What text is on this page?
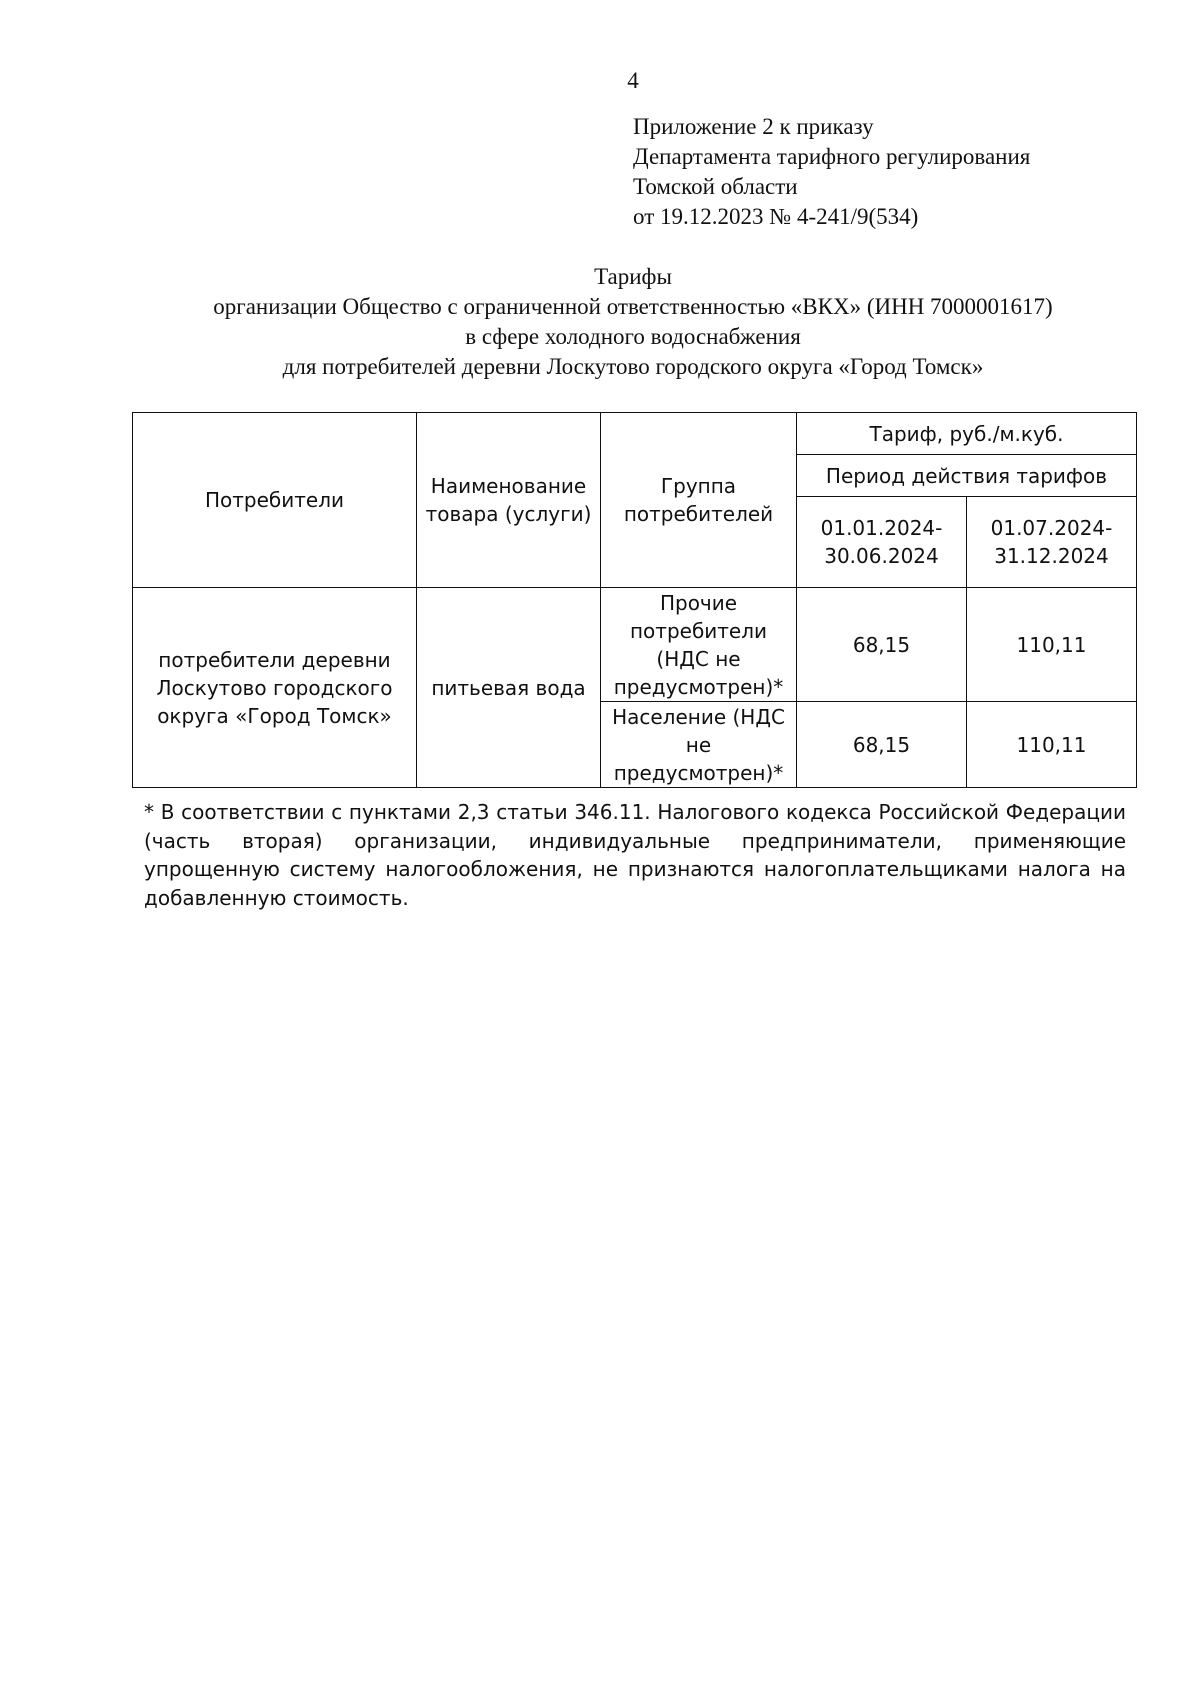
4
Приложение 2 к приказу
Департамента тарифного регулирования
Томской области
от 19.12.2023 № 4-241/9(534)
Тарифы
организации Общество с ограниченной ответственностью «ВКХ» (ИНН 7000001617)
в сфере холодного водоснабжения
для потребителей деревни Лоскутово городского округа «Город Томск»
Потребители	Наименование товара (услуги)	Группа потребителей	Тариф, руб./м.куб.	
			Период действия тарифов	
			01.01.2024-30.06.2024	01.07.2024-31.12.2024
потребители деревни Лоскутово городского округа «Город Томск»	питьевая вода	Прочие потребители (НДС не предусмотрен)*	68,15	110,11
		Население (НДС не предусмотрен)*	68,15	110,11
* В соответствии с пунктами 2,3 статьи 346.11. Налогового кодекса Российской Федерации (часть вторая) организации, индивидуальные предприниматели, применяющие упрощенную систему налогообложения, не признаются налогоплательщиками налога на добавленную стоимость.
